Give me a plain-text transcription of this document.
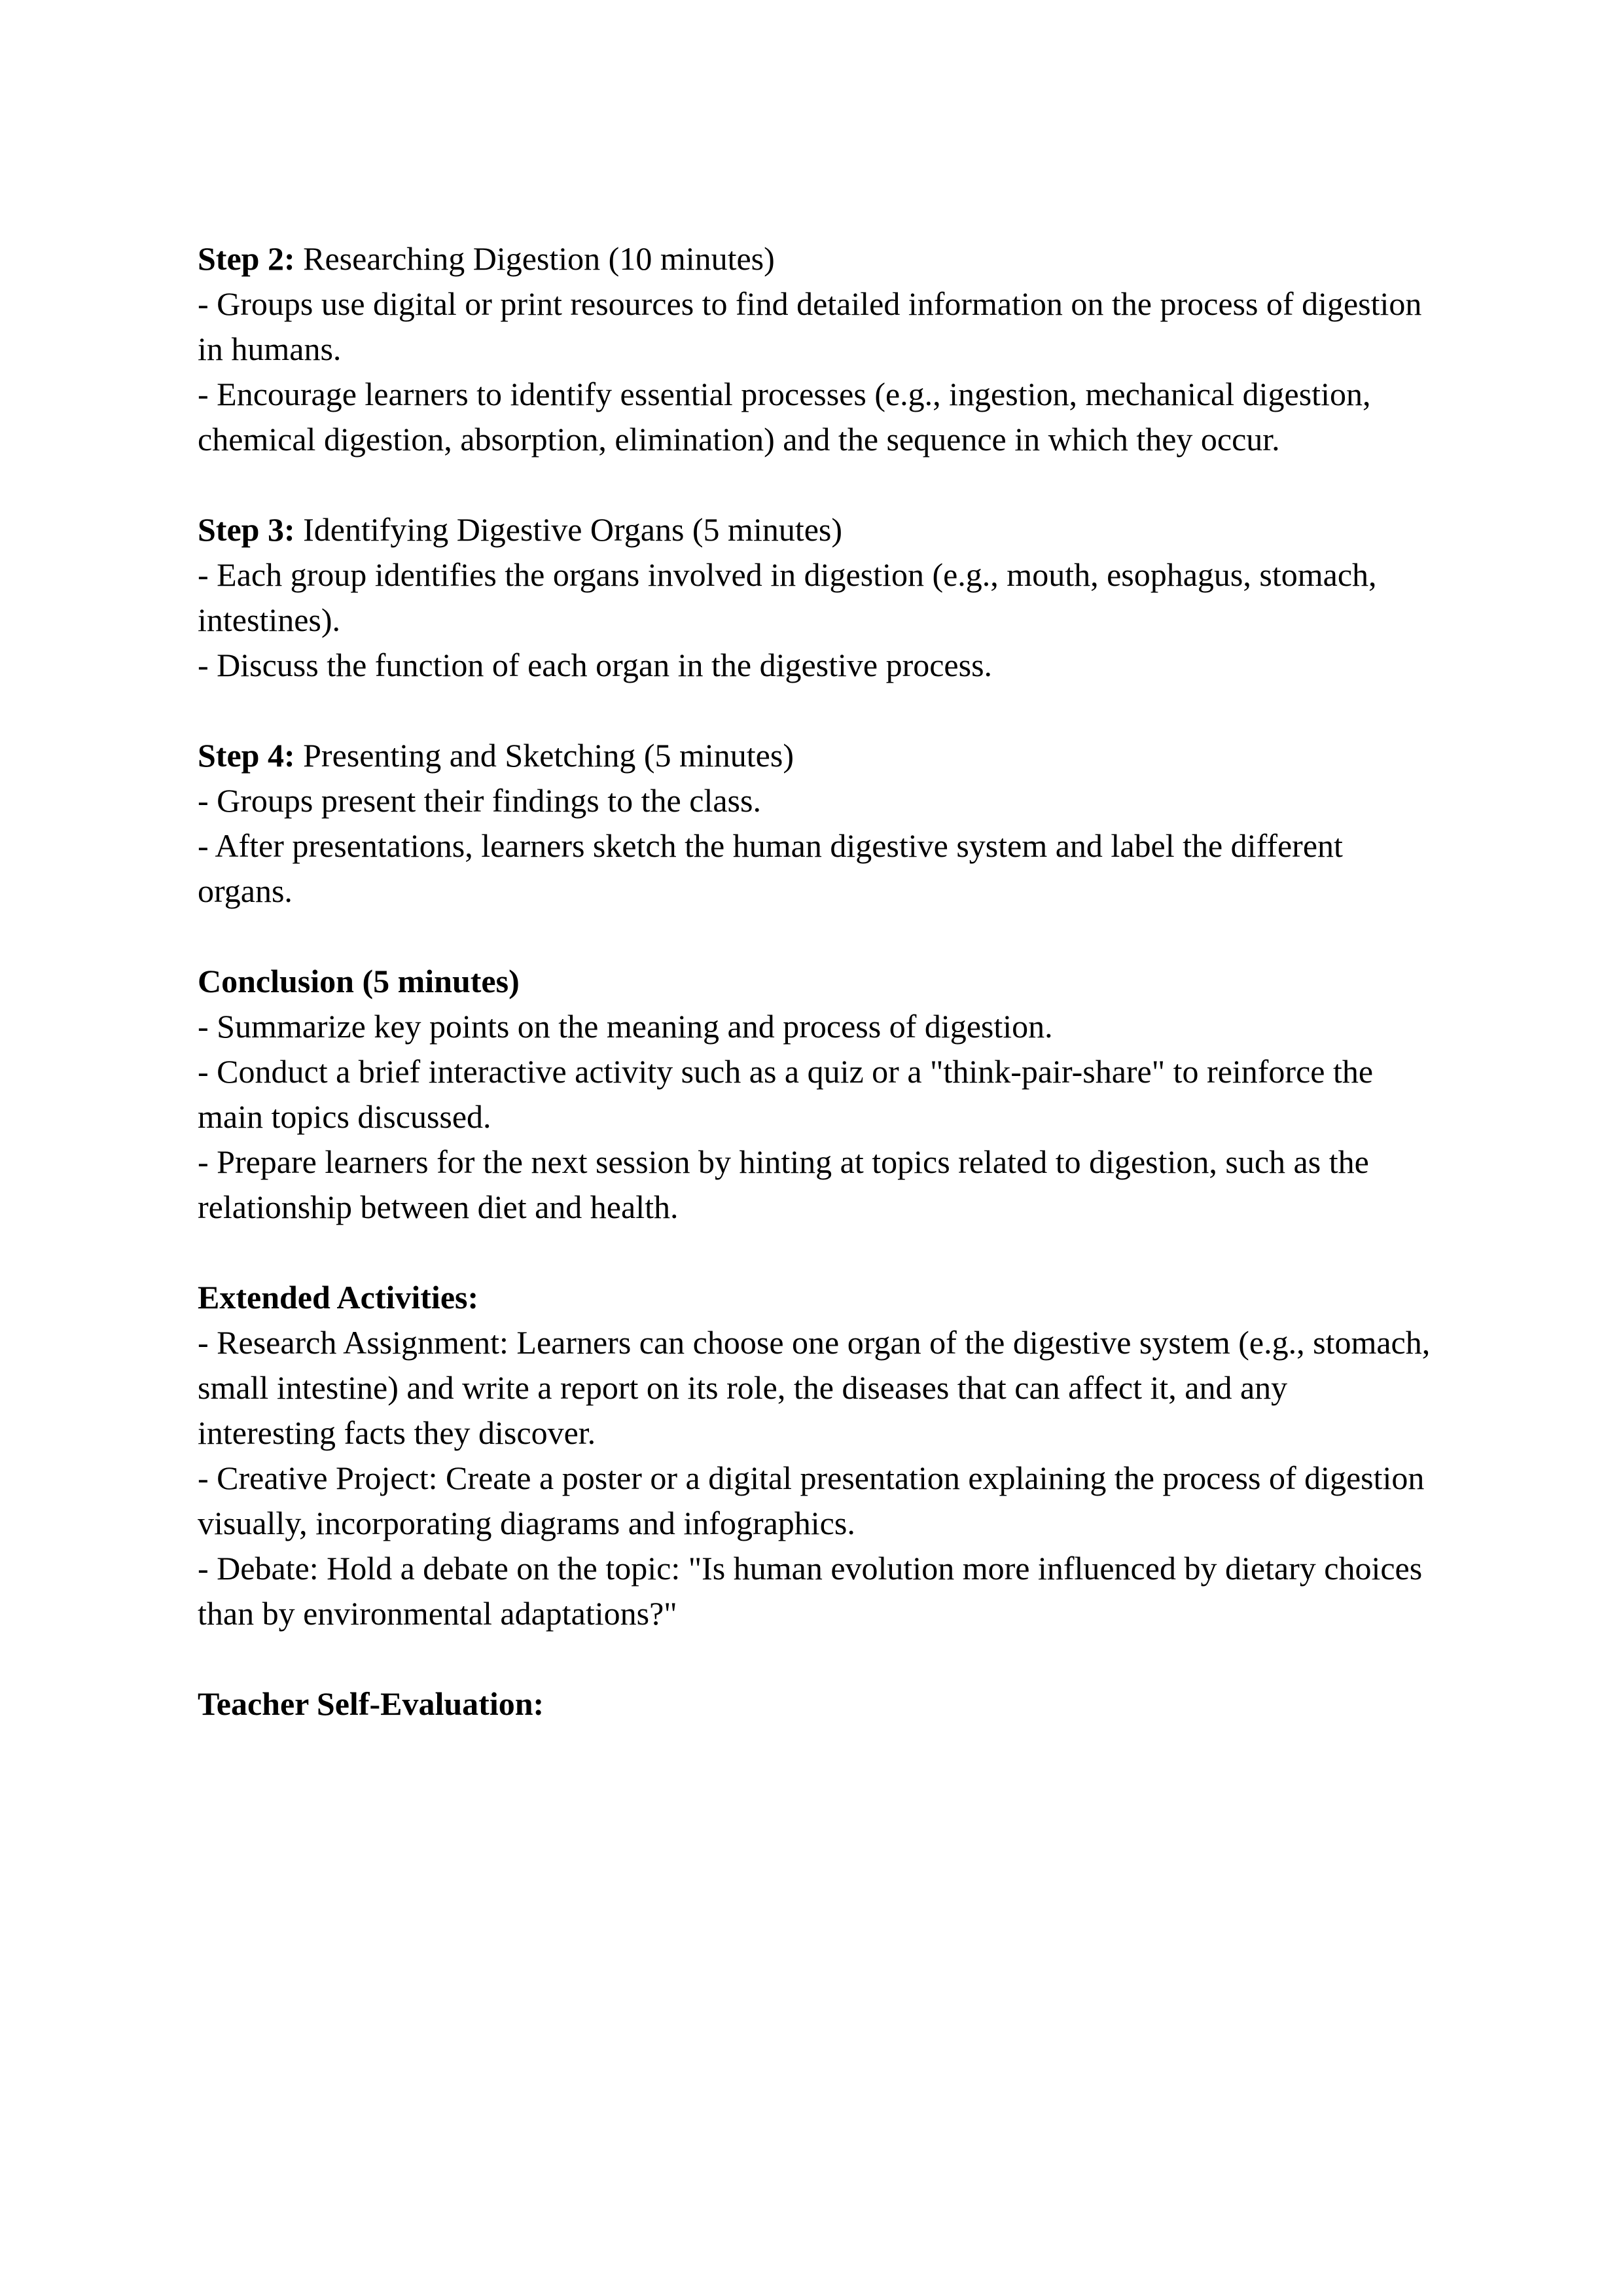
Step 2: Researching Digestion (10 minutes)

- Groups use digital or print resources to find detailed information on the process of digestion

in humans.

- Encourage learners to identify essential processes (e.g., ingestion, mechanical digestion,

chemical digestion, absorption, elimination) and the sequence in which they occur.

Step 3: Identifying Digestive Organs (5 minutes)

- Each group identifies the organs involved in digestion (e.g., mouth, esophagus, stomach,

intestines).

- Discuss the function of each organ in the digestive process.

Step 4: Presenting and Sketching (5 minutes)

- Groups present their findings to the class.

- After presentations, learners sketch the human digestive system and label the different

organs.

Conclusion (5 minutes)

- Summarize key points on the meaning and process of digestion.

- Conduct a brief interactive activity such as a quiz or a "think-pair-share" to reinforce the

main topics discussed.

- Prepare learners for the next session by hinting at topics related to digestion, such as the

relationship between diet and health.

Extended Activities:

- Research Assignment: Learners can choose one organ of the digestive system (e.g., stomach,

small intestine) and write a report on its role, the diseases that can affect it, and any

interesting facts they discover.

- Creative Project: Create a poster or a digital presentation explaining the process of digestion

visually, incorporating diagrams and infographics.

- Debate: Hold a debate on the topic: "Is human evolution more influenced by dietary choices

than by environmental adaptations?"

Teacher Self-Evaluation:
